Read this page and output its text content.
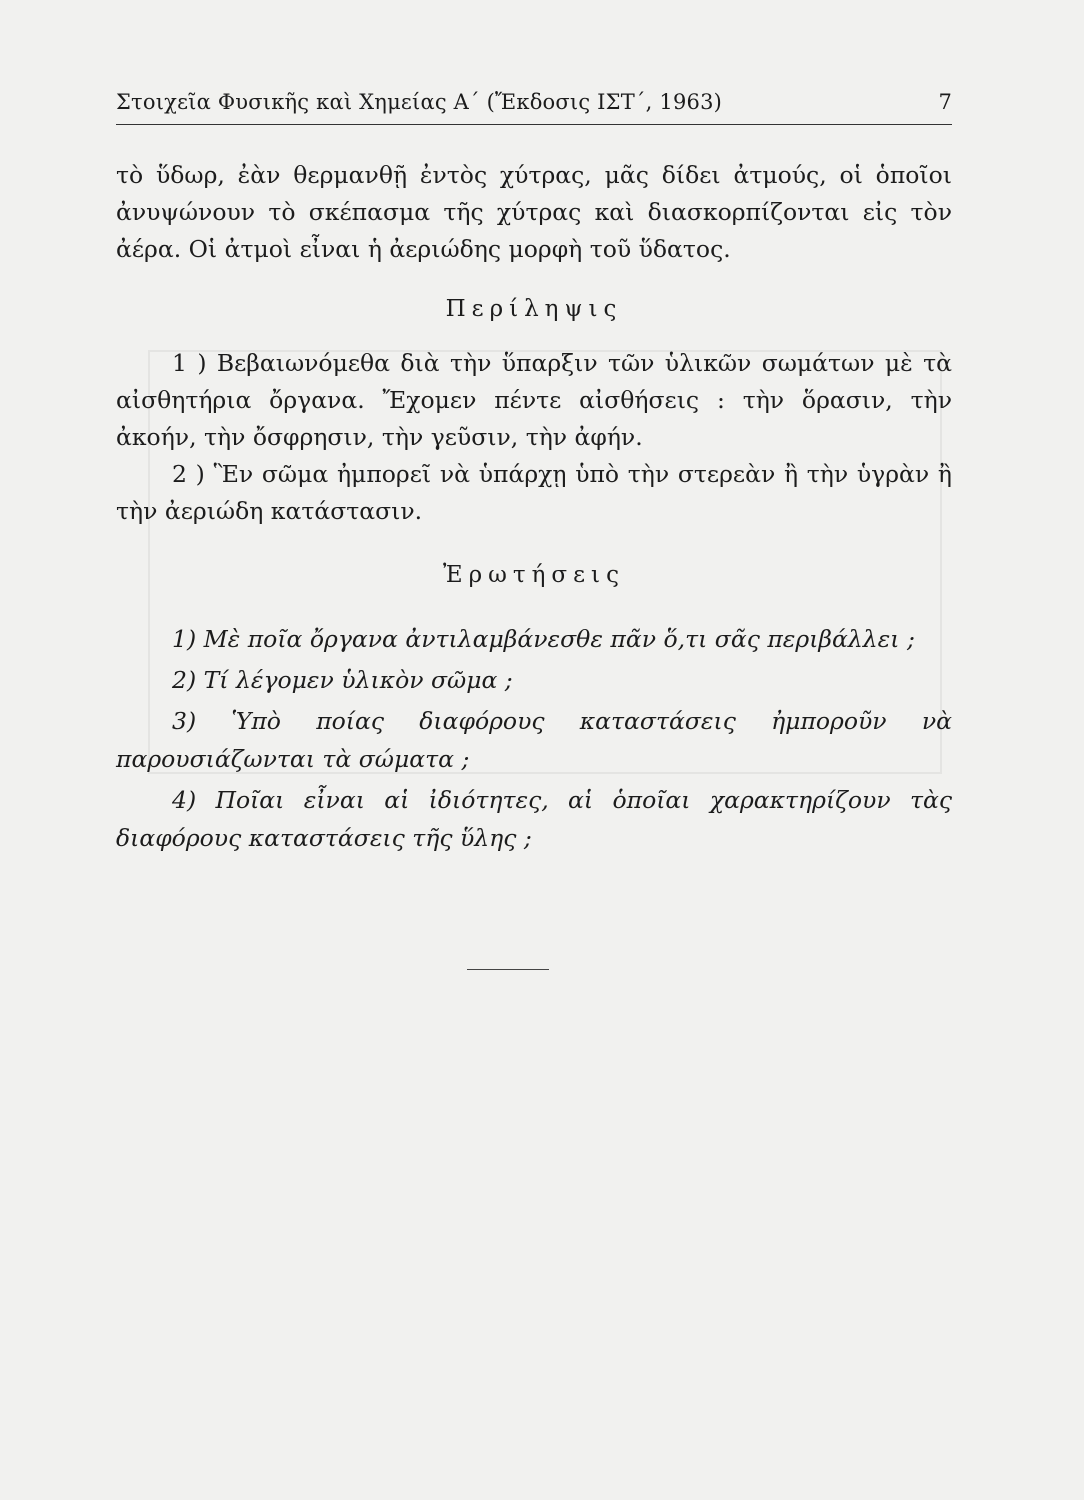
Στοιχεῖα Φυσικῆς καὶ Χημείας Α΄ (Ἔκδοσις ΙΣΤ΄, 1963)	7
τὸ ὕδωρ, ἐὰν θερμανθῇ ἐντὸς χύτρας, μᾶς δίδει ἀτμούς, οἱ ὁποῖοι ἀνυψώνουν τὸ σκέπασμα τῆς χύτρας καὶ διασκορπίζονται εἰς τὸν ἀέρα. Οἱ ἀτμοὶ εἶναι ἡ ἀεριώδης μορφὴ τοῦ ὕδατος.
Περίληψις

1 ) Βεβαιωνόμεθα διὰ τὴν ὕπαρξιν τῶν ὑλικῶν σωμάτων μὲ τὰ αἰσθητήρια ὄργανα. Ἔχομεν πέντε αἰσθήσεις : τὴν ὅρασιν, τὴν ἀκοήν, τὴν ὄσφρησιν, τὴν γεῦσιν, τὴν ἀφήν.

2 ) Ἓν σῶμα ἠμπορεῖ νὰ ὑπάρχῃ ὑπὸ τὴν στερεὰν ἢ τὴν ὑγρὰν ἢ τὴν ἀεριώδη κατάστασιν.

Ἐρωτήσεις

1) Μὲ ποῖα ὄργανα ἀντιλαμβάνεσθε πᾶν ὅ,τι σᾶς περιβάλλει ;

2) Τί λέγομεν ὑλικὸν σῶμα ;

3) Ὑπὸ ποίας διαφόρους καταστάσεις ἠμποροῦν νὰ παρουσιάζωνται τὰ σώματα ;

4) Ποῖαι εἶναι αἱ ἰδιότητες, αἱ ὁποῖαι χαρακτηρίζουν τὰς διαφόρους καταστάσεις τῆς ὕλης ;
